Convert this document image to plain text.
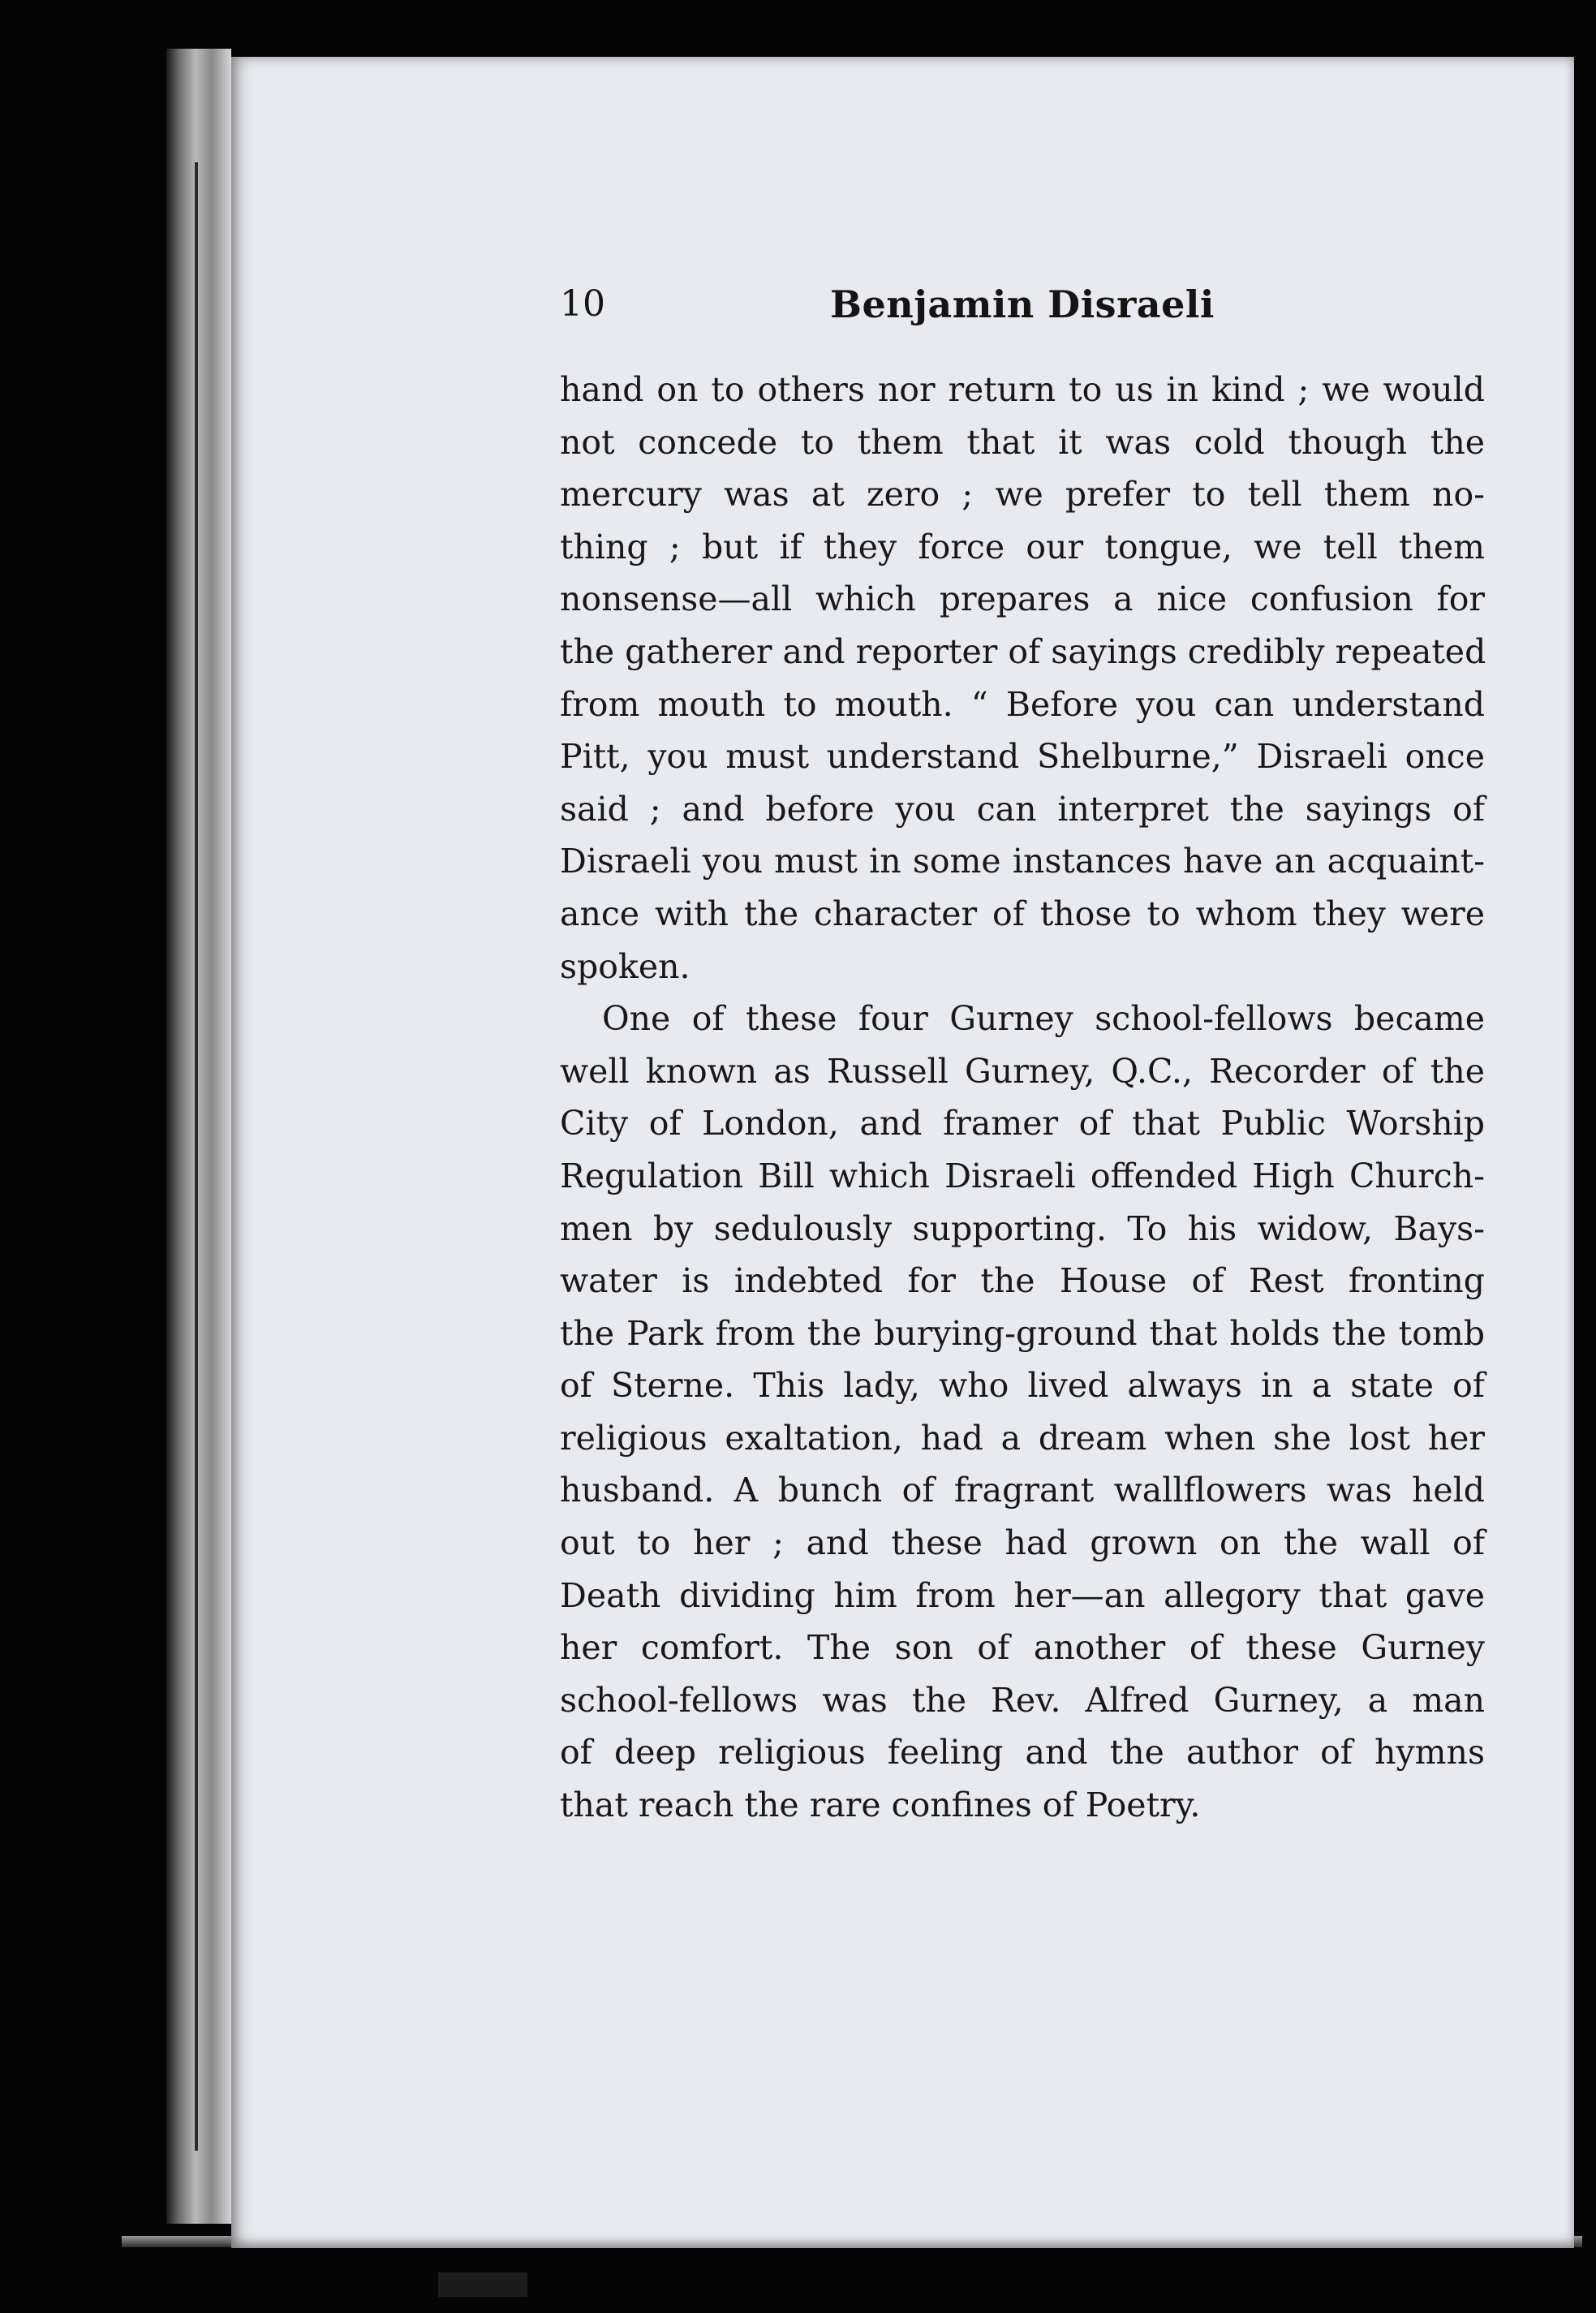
10	Benjamin Disraeli
hand on to others nor return to us in kind ; we would
not concede to them that it was cold though the
mercury was at zero ; we prefer to tell them no-
thing ; but if they force our tongue, we tell them
nonsense—all which prepares a nice confusion for
the gatherer and reporter of sayings credibly repeated
from mouth to mouth. “ Before you can understand
Pitt, you must understand Shelburne,” Disraeli once
said ; and before you can interpret the sayings of
Disraeli you must in some instances have an acquaint-
ance with the character of those to whom they were
spoken.
One of these four Gurney school-fellows became
well known as Russell Gurney, Q.C., Recorder of the
City of London, and framer of that Public Worship
Regulation Bill which Disraeli offended High Church-
men by sedulously supporting. To his widow, Bays-
water is indebted for the House of Rest fronting
the Park from the burying-ground that holds the tomb
of Sterne. This lady, who lived always in a state of
religious exaltation, had a dream when she lost her
husband. A bunch of fragrant wallflowers was held
out to her ; and these had grown on the wall of
Death dividing him from her—an allegory that gave
her comfort. The son of another of these Gurney
school-fellows was the Rev. Alfred Gurney, a man
of deep religious feeling and the author of hymns
that reach the rare confines of Poetry.
